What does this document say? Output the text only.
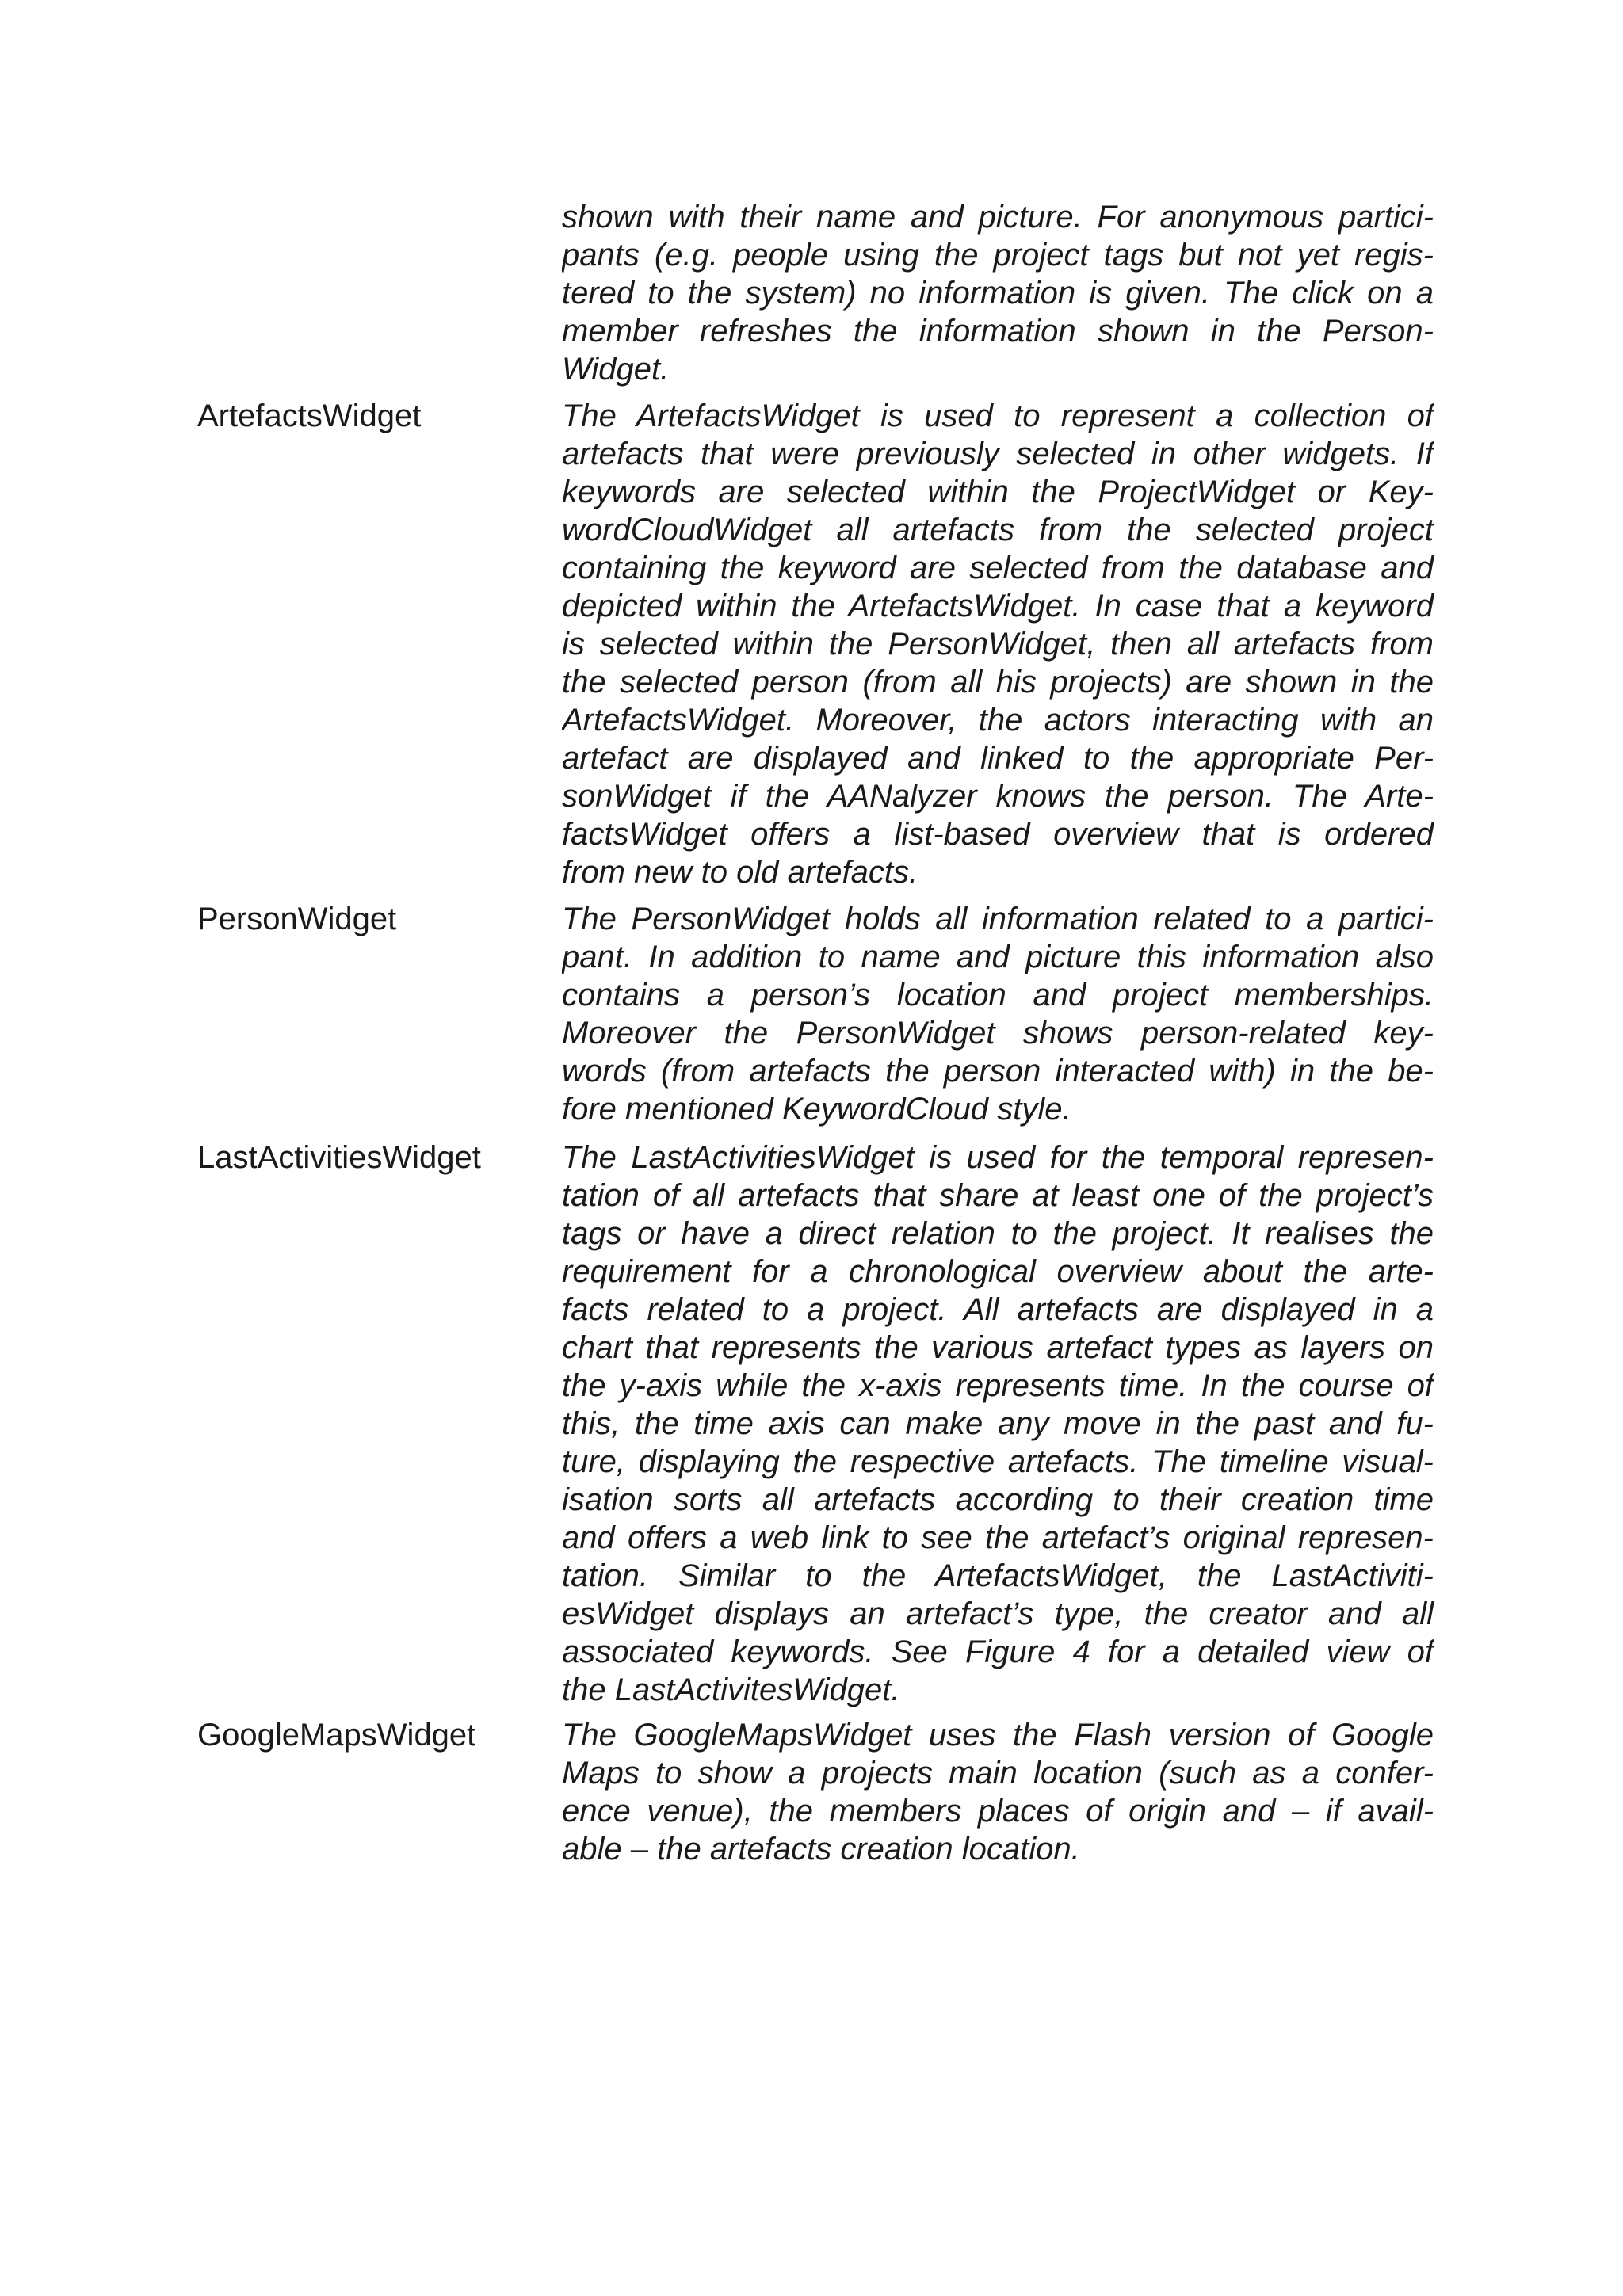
shown with their name and picture. For anonymous partici-
pants (e.g. people using the project tags but not yet regis-
tered to the system) no information is given. The click on a
member refreshes the information shown in the Person-
Widget.
ArtefactsWidget	The ArtefactsWidget is used to represent a collection of
artefacts that were previously selected in other widgets. If
keywords are selected within the ProjectWidget or Key-
wordCloudWidget all artefacts from the selected project
containing the keyword are selected from the database and
depicted within the ArtefactsWidget. In case that a keyword
is selected within the PersonWidget, then all artefacts from
the selected person (from all his projects) are shown in the
ArtefactsWidget. Moreover, the actors interacting with an
artefact are displayed and linked to the appropriate Per-
sonWidget if the AANalyzer knows the person. The Arte-
factsWidget offers a list-based overview that is ordered
from new to old artefacts.
PersonWidget	The PersonWidget holds all information related to a partici-
pant. In addition to name and picture this information also
contains a person’s location and project memberships.
Moreover the PersonWidget shows person-related key-
words (from artefacts the person interacted with) in the be-
fore mentioned KeywordCloud style.
LastActivitiesWidget	The LastActivitiesWidget is used for the temporal represen-
tation of all artefacts that share at least one of the project’s
tags or have a direct relation to the project. It realises the
requirement for a chronological overview about the arte-
facts related to a project. All artefacts are displayed in a
chart that represents the various artefact types as layers on
the y-axis while the x-axis represents time. In the course of
this, the time axis can make any move in the past and fu-
ture, displaying the respective artefacts. The timeline visual-
isation sorts all artefacts according to their creation time
and offers a web link to see the artefact’s original represen-
tation. Similar to the ArtefactsWidget, the LastActiviti-
esWidget displays an artefact’s type, the creator and all
associated keywords. See Figure 4 for a detailed view of
the LastActivitesWidget.
GoogleMapsWidget	The GoogleMapsWidget uses the Flash version of Google
Maps to show a projects main location (such as a confer-
ence venue), the members places of origin and – if avail-
able – the artefacts creation location.
